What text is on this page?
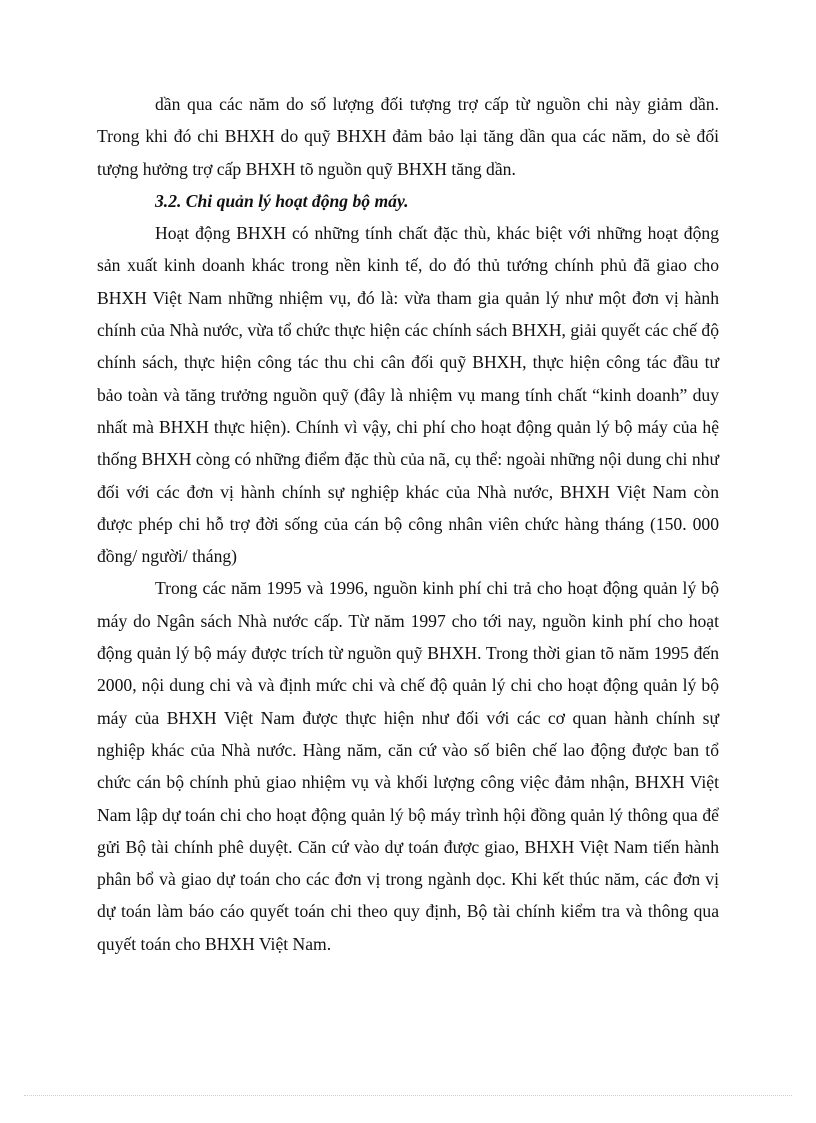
dần qua các năm do số lượng đối tượng trợ cấp từ nguồn chi này giảm dần. Trong khi đó chi BHXH do quỹ BHXH đảm bảo lại tăng dần qua các năm, do sè đối tượng hưởng trợ cấp BHXH tõ nguồn quỹ BHXH tăng dần.

3.2. Chi quản lý hoạt động bộ máy.

Hoạt động BHXH có những tính chất đặc thù, khác biệt với những hoạt động sản xuất kinh doanh khác trong nền kinh tế, do đó thủ tướng chính phủ đã giao cho BHXH Việt Nam những nhiệm vụ, đó là: vừa tham gia quản lý như một đơn vị hành chính của Nhà nước, vừa tổ chức thực hiện các chính sách BHXH, giải quyết các chế độ chính sách, thực hiện công tác thu chi cân đối quỹ BHXH, thực hiện công tác đầu tư bảo toàn và tăng trưởng nguồn quỹ (đây là nhiệm vụ mang tính chất “kinh doanh” duy nhất mà BHXH thực hiện). Chính vì vậy, chi phí cho hoạt động quản lý bộ máy của hệ thống BHXH còng có những điểm đặc thù của nã, cụ thể: ngoài những nội dung chi như đối với các đơn vị hành chính sự nghiệp khác của Nhà nước, BHXH Việt Nam còn được phép chi hỗ trợ đời sống của cán bộ công nhân viên chức hàng tháng (150. 000 đồng/ người/ tháng)

Trong các năm 1995 và 1996, nguồn kinh phí chi trả cho hoạt động quản lý bộ máy do Ngân sách Nhà nước cấp. Từ năm 1997 cho tới nay, nguồn kinh phí cho hoạt động quản lý bộ máy được trích từ nguồn quỹ BHXH. Trong thời gian tõ năm 1995 đến 2000, nội dung chi và và định mức chi và chế độ quản lý chi cho hoạt động quản lý bộ máy của BHXH Việt Nam được thực hiện như đối với các cơ quan hành chính sự nghiệp khác của Nhà nước. Hàng năm, căn cứ vào số biên chế lao động được ban tổ chức cán bộ chính phủ giao nhiệm vụ và khối lượng công việc đảm nhận, BHXH Việt Nam lập dự toán chi cho hoạt động quản lý bộ máy trình hội đồng quản lý thông qua để gửi Bộ tài chính phê duyệt. Căn cứ vào dự toán được giao, BHXH Việt Nam tiến hành phân bổ và giao dự toán cho các đơn vị trong ngành dọc. Khi kết thúc năm, các đơn vị dự toán làm báo cáo quyết toán chi theo quy định, Bộ tài chính kiểm tra và thông qua quyết toán cho BHXH Việt Nam.
